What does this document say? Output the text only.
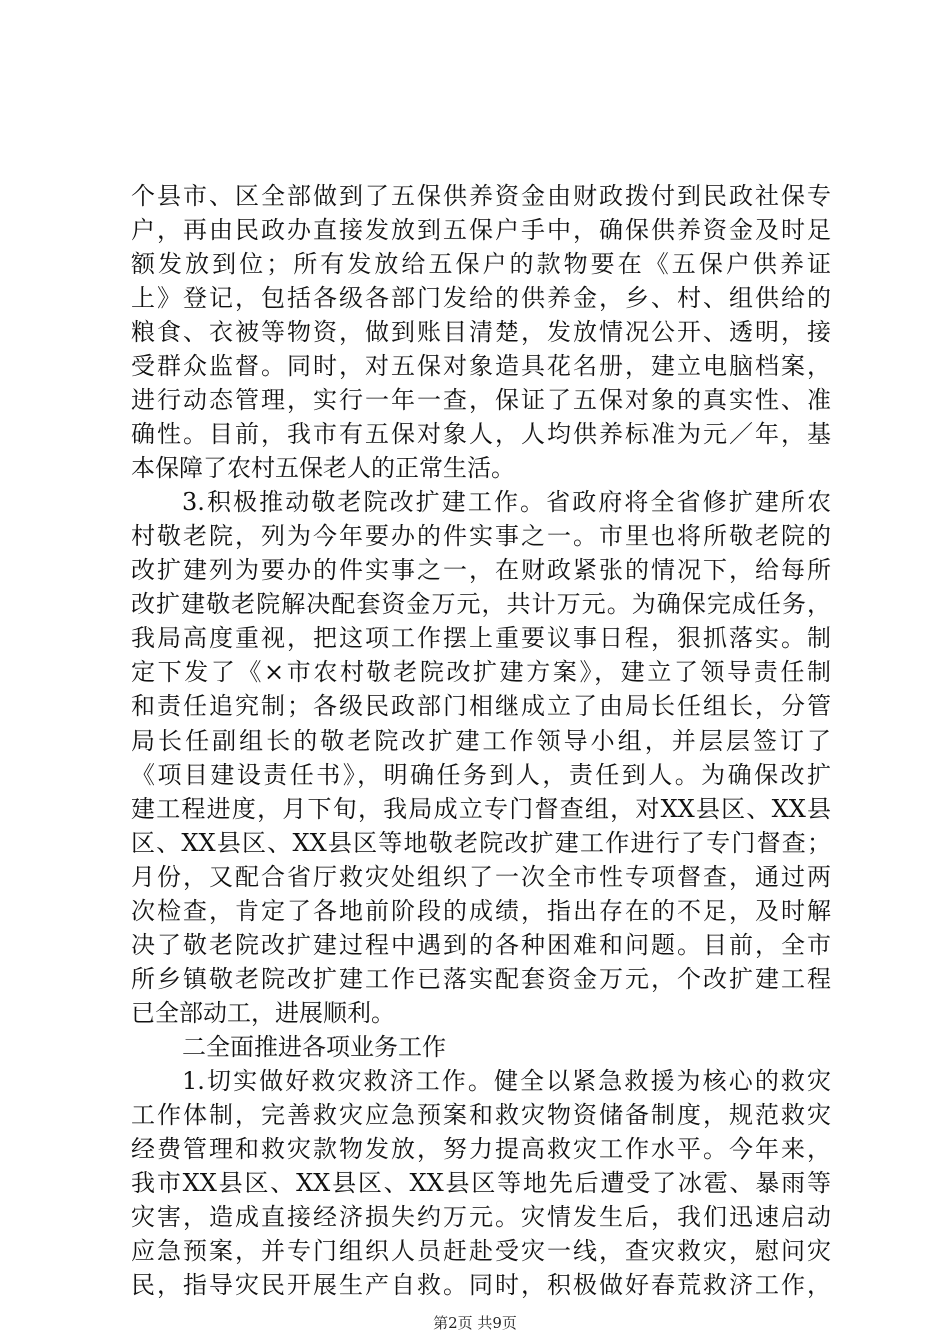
个县市、区全部做到了五保供养资金由财政拨付到民政社保专
户，再由民政办直接发放到五保户手中，确保供养资金及时足
额发放到位；所有发放给五保户的款物要在《五保户供养证
上》登记，包括各级各部门发给的供养金，乡、村、组供给的
粮食、衣被等物资，做到账目清楚，发放情况公开、透明，接
受群众监督。同时，对五保对象造具花名册，建立电脑档案，
进行动态管理，实行一年一查，保证了五保对象的真实性、准
确性。目前，我市有五保对象人，人均供养标准为元／年，基
本保障了农村五保老人的正常生活。
3.积极推动敬老院改扩建工作。省政府将全省修扩建所农
村敬老院，列为今年要办的件实事之一。市里也将所敬老院的
改扩建列为要办的件实事之一，在财政紧张的情况下，给每所
改扩建敬老院解决配套资金万元，共计万元。为确保完成任务，
我局高度重视，把这项工作摆上重要议事日程，狠抓落实。制
定下发了《×市农村敬老院改扩建方案》，建立了领导责任制
和责任追究制；各级民政部门相继成立了由局长任组长，分管
局长任副组长的敬老院改扩建工作领导小组，并层层签订了
《项目建设责任书》，明确任务到人，责任到人。为确保改扩
建工程进度，月下旬，我局成立专门督查组，对XX县区、XX县
区、XX县区、XX县区等地敬老院改扩建工作进行了专门督查；
月份，又配合省厅救灾处组织了一次全市性专项督查，通过两
次检查，肯定了各地前阶段的成绩，指出存在的不足，及时解
决了敬老院改扩建过程中遇到的各种困难和问题。目前，全市
所乡镇敬老院改扩建工作已落实配套资金万元，个改扩建工程
已全部动工，进展顺利。
二全面推进各项业务工作
1.切实做好救灾救济工作。健全以紧急救援为核心的救灾
工作体制，完善救灾应急预案和救灾物资储备制度，规范救灾
经费管理和救灾款物发放，努力提高救灾工作水平。今年来，
我市XX县区、XX县区、XX县区等地先后遭受了冰雹、暴雨等
灾害，造成直接经济损失约万元。灾情发生后，我们迅速启动
应急预案，并专门组织人员赶赴受灾一线，查灾救灾，慰问灾
民，指导灾民开展生产自救。同时，积极做好春荒救济工作，
第2页 共9页
